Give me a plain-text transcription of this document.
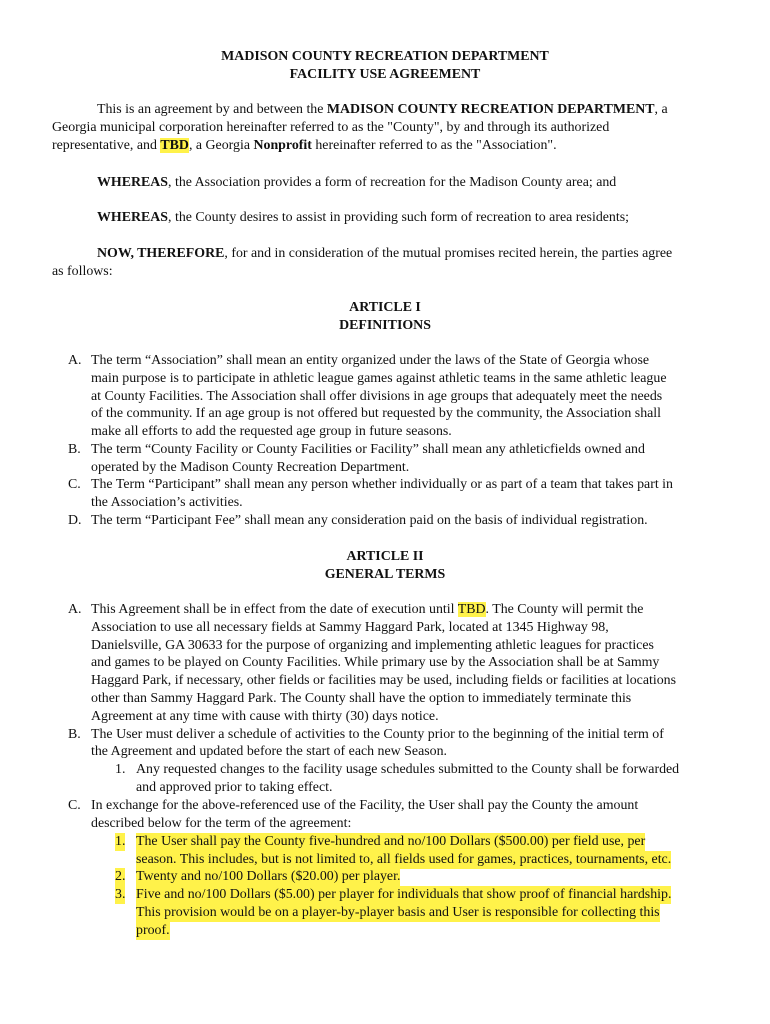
MADISON COUNTY RECREATION DEPARTMENT
FACILITY USE AGREEMENT
This is an agreement by and between the MADISON COUNTY RECREATION DEPARTMENT, a
Georgia municipal corporation hereinafter referred to as the "County", by and through its authorized
representative, and TBD, a Georgia Nonprofit hereinafter referred to as the "Association".
WHEREAS, the Association provides a form of recreation for the Madison County area; and
WHEREAS, the County desires to assist in providing such form of recreation to area residents;
NOW, THEREFORE, for and in consideration of the mutual promises recited herein, the parties agree
as follows:
ARTICLE I
DEFINITIONS
A. The term “Association” shall mean an entity organized under the laws of the State of Georgia whose
main purpose is to participate in athletic league games against athletic teams in the same athletic league
at County Facilities. The Association shall offer divisions in age groups that adequately meet the needs
of the community. If an age group is not offered but requested by the community, the Association shall
make all efforts to add the requested age group in future seasons.
B. The term “County Facility or County Facilities or Facility” shall mean any athleticfields owned and
operated by the Madison County Recreation Department.
C. The Term “Participant” shall mean any person whether individually or as part of a team that takes part in
the Association’s activities.
D. The term “Participant Fee” shall mean any consideration paid on the basis of individual registration.
ARTICLE II
GENERAL TERMS
A. This Agreement shall be in effect from the date of execution until TBD. The County will permit the
Association to use all necessary fields at Sammy Haggard Park, located at 1345 Highway 98,
Danielsville, GA 30633 for the purpose of organizing and implementing athletic leagues for practices
and games to be played on County Facilities. While primary use by the Association shall be at Sammy
Haggard Park, if necessary, other fields or facilities may be used, including fields or facilities at locations
other than Sammy Haggard Park. The County shall have the option to immediately terminate this
Agreement at any time with cause with thirty (30) days notice.
B. The User must deliver a schedule of activities to the County prior to the beginning of the initial term of
the Agreement and updated before the start of each new Season.
1. Any requested changes to the facility usage schedules submitted to the County shall be forwarded
and approved prior to taking effect.
C. In exchange for the above-referenced use of the Facility, the User shall pay the County the amount
described below for the term of the agreement:
1. The User shall pay the County five-hundred and no/100 Dollars ($500.00) per field use, per
season. This includes, but is not limited to, all fields used for games, practices, tournaments, etc.
2. Twenty and no/100 Dollars ($20.00) per player.
3. Five and no/100 Dollars ($5.00) per player for individuals that show proof of financial hardship.
This provision would be on a player-by-player basis and User is responsible for collecting this
proof.
